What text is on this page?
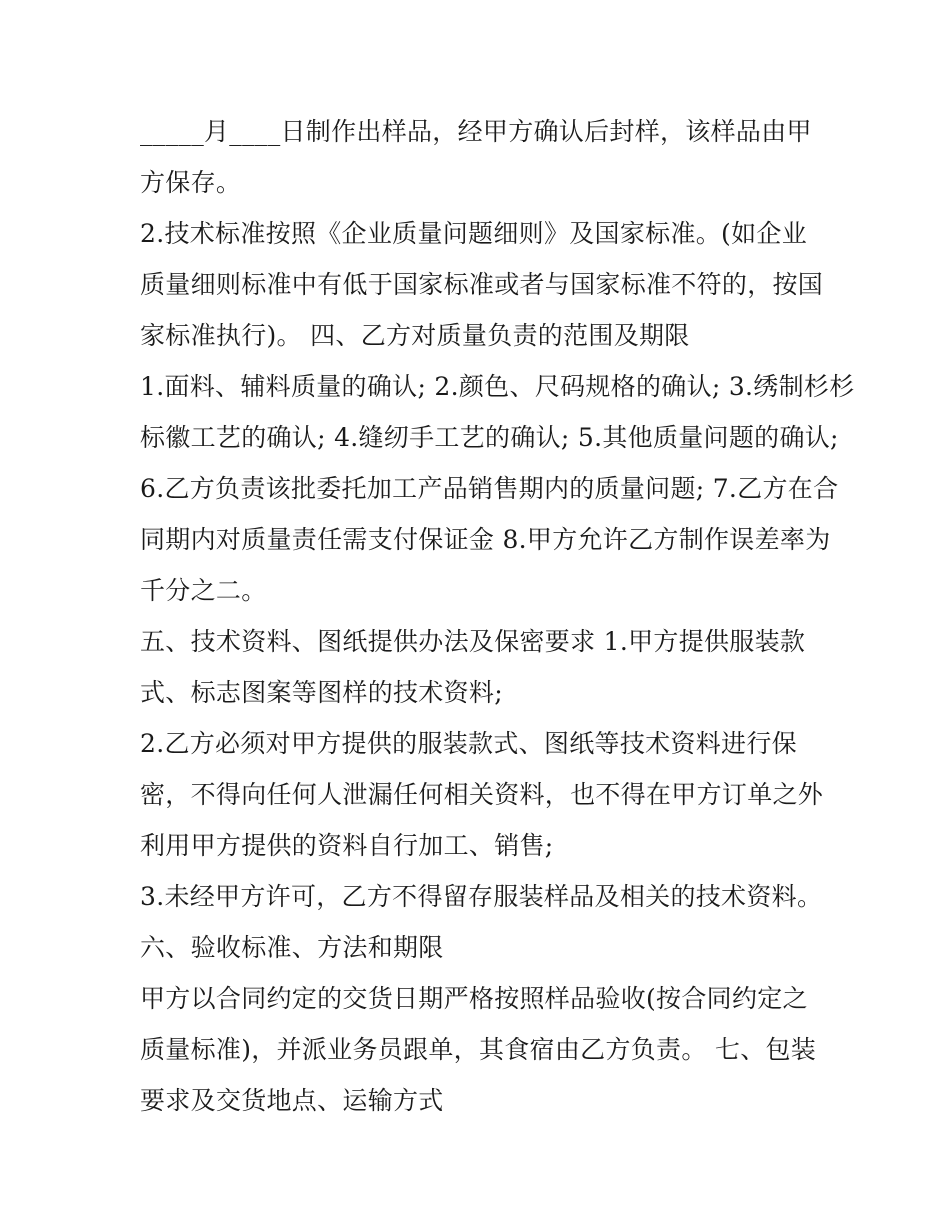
_____月____日制作出样品，经甲方确认后封样，该样品由甲
方保存。
2.技术标准按照《企业质量问题细则》及国家标准。(如企业
质量细则标准中有低于国家标准或者与国家标准不符的，按国
家标准执行)。 四、乙方对质量负责的范围及期限
1.面料、辅料质量的确认; 2.颜色、尺码规格的确认; 3.绣制杉杉
标徽工艺的确认; 4.缝纫手工艺的确认; 5.其他质量问题的确认;
6.乙方负责该批委托加工产品销售期内的质量问题; 7.乙方在合
同期内对质量责任需支付保证金 8.甲方允许乙方制作误差率为
千分之二。
五、技术资料、图纸提供办法及保密要求 1.甲方提供服装款
式、标志图案等图样的技术资料;
2.乙方必须对甲方提供的服装款式、图纸等技术资料进行保
密，不得向任何人泄漏任何相关资料，也不得在甲方订单之外
利用甲方提供的资料自行加工、销售;
3.未经甲方许可，乙方不得留存服装样品及相关的技术资料。
六、验收标准、方法和期限
甲方以合同约定的交货日期严格按照样品验收(按合同约定之
质量标准)，并派业务员跟单，其食宿由乙方负责。 七、包装
要求及交货地点、运输方式
